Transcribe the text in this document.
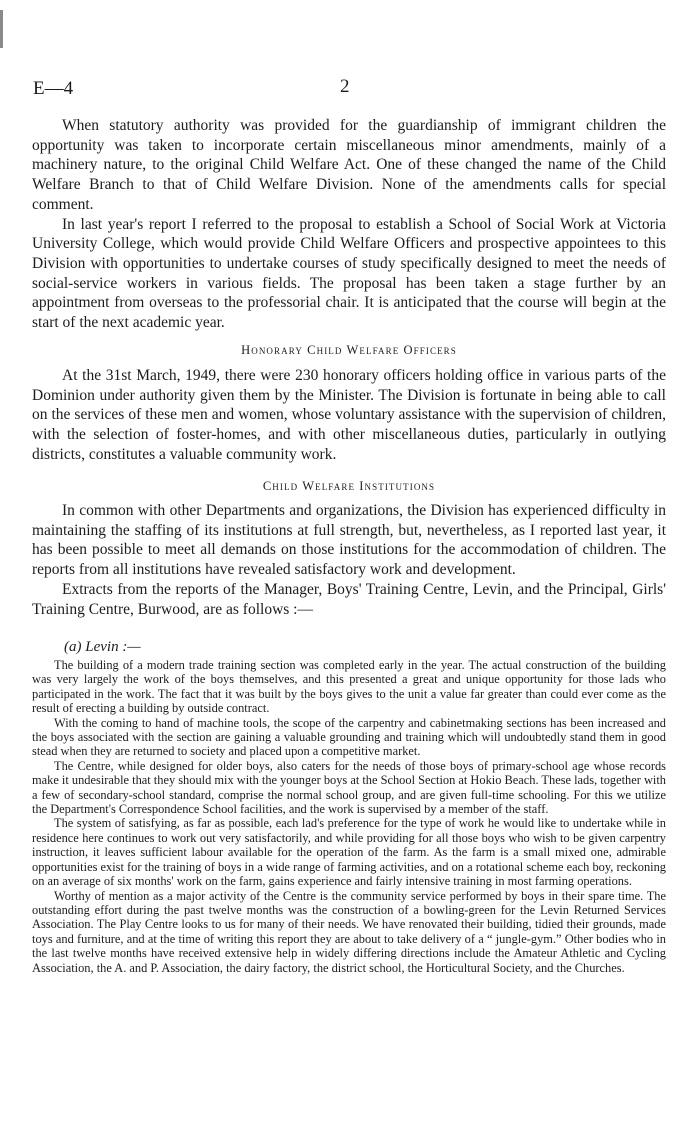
E—4	2

When statutory authority was provided for the guardianship of immigrant children the opportunity was taken to incorporate certain miscellaneous minor amendments, mainly of a machinery nature, to the original Child Welfare Act. One of these changed the name of the Child Welfare Branch to that of Child Welfare Division. None of the amendments calls for special comment.

In last year's report I referred to the proposal to establish a School of Social Work at Victoria University College, which would provide Child Welfare Officers and prospective appointees to this Division with opportunities to undertake courses of study specifically designed to meet the needs of social-service workers in various fields. The proposal has been taken a stage further by an appointment from overseas to the professorial chair. It is anticipated that the course will begin at the start of the next academic year.

Honorary Child Welfare Officers

At the 31st March, 1949, there were 230 honorary officers holding office in various parts of the Dominion under authority given them by the Minister. The Division is fortunate in being able to call on the services of these men and women, whose voluntary assistance with the supervision of children, with the selection of foster-homes, and with other miscellaneous duties, particularly in outlying districts, constitutes a valuable community work.

Child Welfare Institutions

In common with other Departments and organizations, the Division has experienced difficulty in maintaining the staffing of its institutions at full strength, but, nevertheless, as I reported last year, it has been possible to meet all demands on those institutions for the accommodation of children. The reports from all institutions have revealed satisfactory work and development.

Extracts from the reports of the Manager, Boys' Training Centre, Levin, and the Principal, Girls' Training Centre, Burwood, are as follows :—

(a) Levin :—

The building of a modern trade training section was completed early in the year. The actual construction of the building was very largely the work of the boys themselves, and this presented a great and unique opportunity for those lads who participated in the work. The fact that it was built by the boys gives to the unit a value far greater than could ever come as the result of erecting a building by outside contract.

With the coming to hand of machine tools, the scope of the carpentry and cabinetmaking sections has been increased and the boys associated with the section are gaining a valuable grounding and training which will undoubtedly stand them in good stead when they are returned to society and placed upon a competitive market.

The Centre, while designed for older boys, also caters for the needs of those boys of primary-school age whose records make it undesirable that they should mix with the younger boys at the School Section at Hokio Beach. These lads, together with a few of secondary-school standard, comprise the normal school group, and are given full-time schooling. For this we utilize the Department's Correspondence School facilities, and the work is supervised by a member of the staff.

The system of satisfying, as far as possible, each lad's preference for the type of work he would like to undertake while in residence here continues to work out very satisfactorily, and while providing for all those boys who wish to be given carpentry instruction, it leaves sufficient labour available for the operation of the farm. As the farm is a small mixed one, admirable opportunities exist for the training of boys in a wide range of farming activities, and on a rotational scheme each boy, reckoning on an average of six months' work on the farm, gains experience and fairly intensive training in most farming operations.

Worthy of mention as a major activity of the Centre is the community service performed by boys in their spare time. The outstanding effort during the past twelve months was the construction of a bowling-green for the Levin Returned Services Association. The Play Centre looks to us for many of their needs. We have renovated their building, tidied their grounds, made toys and furniture, and at the time of writing this report they are about to take delivery of a “ jungle-gym.” Other bodies who in the last twelve months have received extensive help in widely differing directions include the Amateur Athletic and Cycling Association, the A. and P. Association, the dairy factory, the district school, the Horticultural Society, and the Churches.
